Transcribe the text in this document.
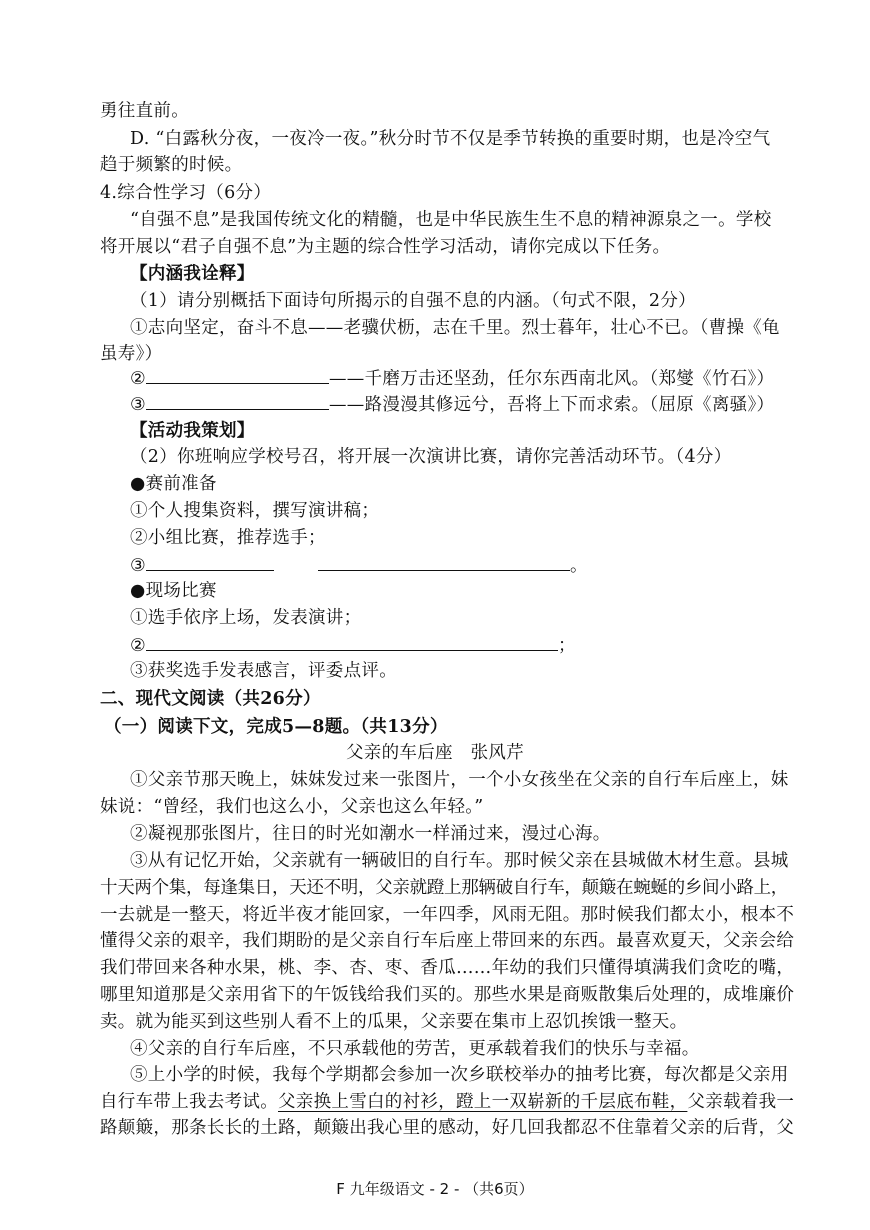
勇往直前。
D. “白露秋分夜，一夜冷一夜。”秋分时节不仅是季节转换的重要时期，也是冷空气
趋于频繁的时候。
4.综合性学习（6分）
“自强不息”是我国传统文化的精髓，也是中华民族生生不息的精神源泉之一。学校
将开展以“君子自强不息”为主题的综合性学习活动，请你完成以下任务。
【内涵我诠释】
（1）请分别概括下面诗句所揭示的自强不息的内涵。（句式不限，2分）
①志向坚定，奋斗不息——老骥伏枥，志在千里。烈士暮年，壮心不已。（曹操《龟
虽寿》）
②	——千磨万击还坚劲，任尔东西南北风。（郑燮《竹石》）
③	——路漫漫其修远兮，吾将上下而求索。（屈原《离骚》）
【活动我策划】
（2）你班响应学校号召，将开展一次演讲比赛，请你完善活动环节。（4分）
●赛前准备
①个人搜集资料，撰写演讲稿；
②小组比赛，推荐选手；
③	。
●现场比赛
①选手依序上场，发表演讲；
②	；
③获奖选手发表感言，评委点评。
二、现代文阅读（共26分）
（一）阅读下文，完成5—8题。（共13分）
父亲的车后座　张风芹
①父亲节那天晚上，妹妹发过来一张图片，一个小女孩坐在父亲的自行车后座上，妹
妹说：“曾经，我们也这么小，父亲也这么年轻。”
②凝视那张图片，往日的时光如潮水一样涌过来，漫过心海。
③从有记忆开始，父亲就有一辆破旧的自行车。那时候父亲在县城做木材生意。县城
十天两个集，每逢集日，天还不明，父亲就蹬上那辆破自行车，颠簸在蜿蜒的乡间小路上，
一去就是一整天，将近半夜才能回家，一年四季，风雨无阻。那时候我们都太小，根本不
懂得父亲的艰辛，我们期盼的是父亲自行车后座上带回来的东西。最喜欢夏天，父亲会给
我们带回来各种水果，桃、李、杏、枣、香瓜……年幼的我们只懂得填满我们贪吃的嘴，
哪里知道那是父亲用省下的午饭钱给我们买的。那些水果是商贩散集后处理的，成堆廉价
卖。就为能买到这些别人看不上的瓜果，父亲要在集市上忍饥挨饿一整天。
④父亲的自行车后座，不只承载他的劳苦，更承载着我们的快乐与幸福。
⑤上小学的时候，我每个学期都会参加一次乡联校举办的抽考比赛，每次都是父亲用
自行车带上我去考试。父亲换上雪白的衬衫，蹬上一双崭新的千层底布鞋，父亲载着我一
路颠簸，那条长长的土路，颠簸出我心里的感动，好几回我都忍不住靠着父亲的后背，父
F 九年级语文 - 2 - （共6页）
